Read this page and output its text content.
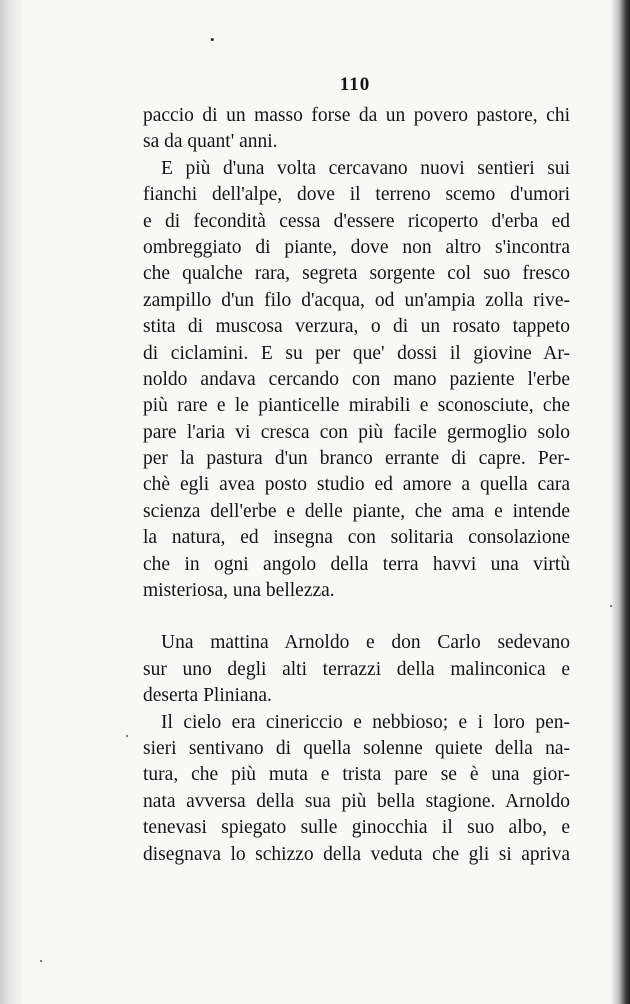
•
110
paccio di un masso forse da un povero pastore, chi
sa da quant' anni.
E più d'una volta cercavano nuovi sentieri sui
fianchi dell'alpe, dove il terreno scemo d'umori
e di fecondità cessa d'essere ricoperto d'erba ed
ombreggiato di piante, dove non altro s'incontra
che qualche rara, segreta sorgente col suo fresco
zampillo d'un filo d'acqua, od un'ampia zolla rive-
stita di muscosa verzura, o di un rosato tappeto
di ciclamini. E su per que' dossi il giovine Ar-
noldo andava cercando con mano paziente l'erbe
più rare e le pianticelle mirabili e sconosciute, che
pare l'aria vi cresca con più facile germoglio solo
per la pastura d'un branco errante di capre. Per-
chè egli avea posto studio ed amore a quella cara
scienza dell'erbe e delle piante, che ama e intende
la natura, ed insegna con solitaria consolazione
che in ogni angolo della terra havvi una virtù
misteriosa, una bellezza.
Una mattina Arnoldo e don Carlo sedevano
sur uno degli alti terrazzi della malinconica e
deserta Pliniana.
Il cielo era cinericcio e nebbioso; e i loro pen-
sieri sentivano di quella solenne quiete della na-
tura, che più muta e trista pare se è una gior-
nata avversa della sua più bella stagione. Arnoldo
tenevasi spiegato sulle ginocchia il suo albo, e
disegnava lo schizzo della veduta che gli si apriva
